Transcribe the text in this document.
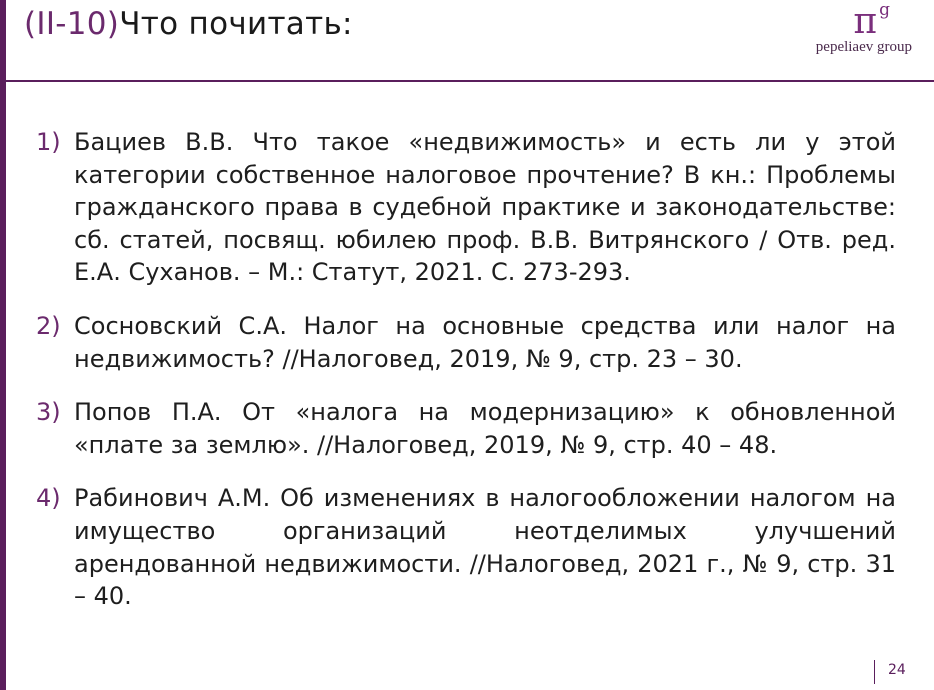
(II-10)Что почитать:	π g
pepeliaev group
1) Бациев В.В. Что такое «недвижимость» и есть ли у этой категории собственное налоговое прочтение? В кн.: Проблемы гражданского права в судебной практике и законодательстве: сб. статей, посвящ. юбилею проф. В.В. Витрянского / Отв. ред. Е.А. Суханов. – М.: Статут, 2021. С. 273-293.
2) Сосновский С.А. Налог на основные средства или налог на недвижимость? //Налоговед, 2019, № 9, стр. 23 – 30.
3) Попов П.А. От «налога на модернизацию» к обновленной «плате за землю». //Налоговед, 2019, № 9, стр. 40 – 48.
4) Рабинович А.М. Об изменениях в налогообложении налогом на имущество организаций неотделимых улучшений арендованной недвижимости. //Налоговед, 2021 г., № 9, стр. 31 – 40.
24
